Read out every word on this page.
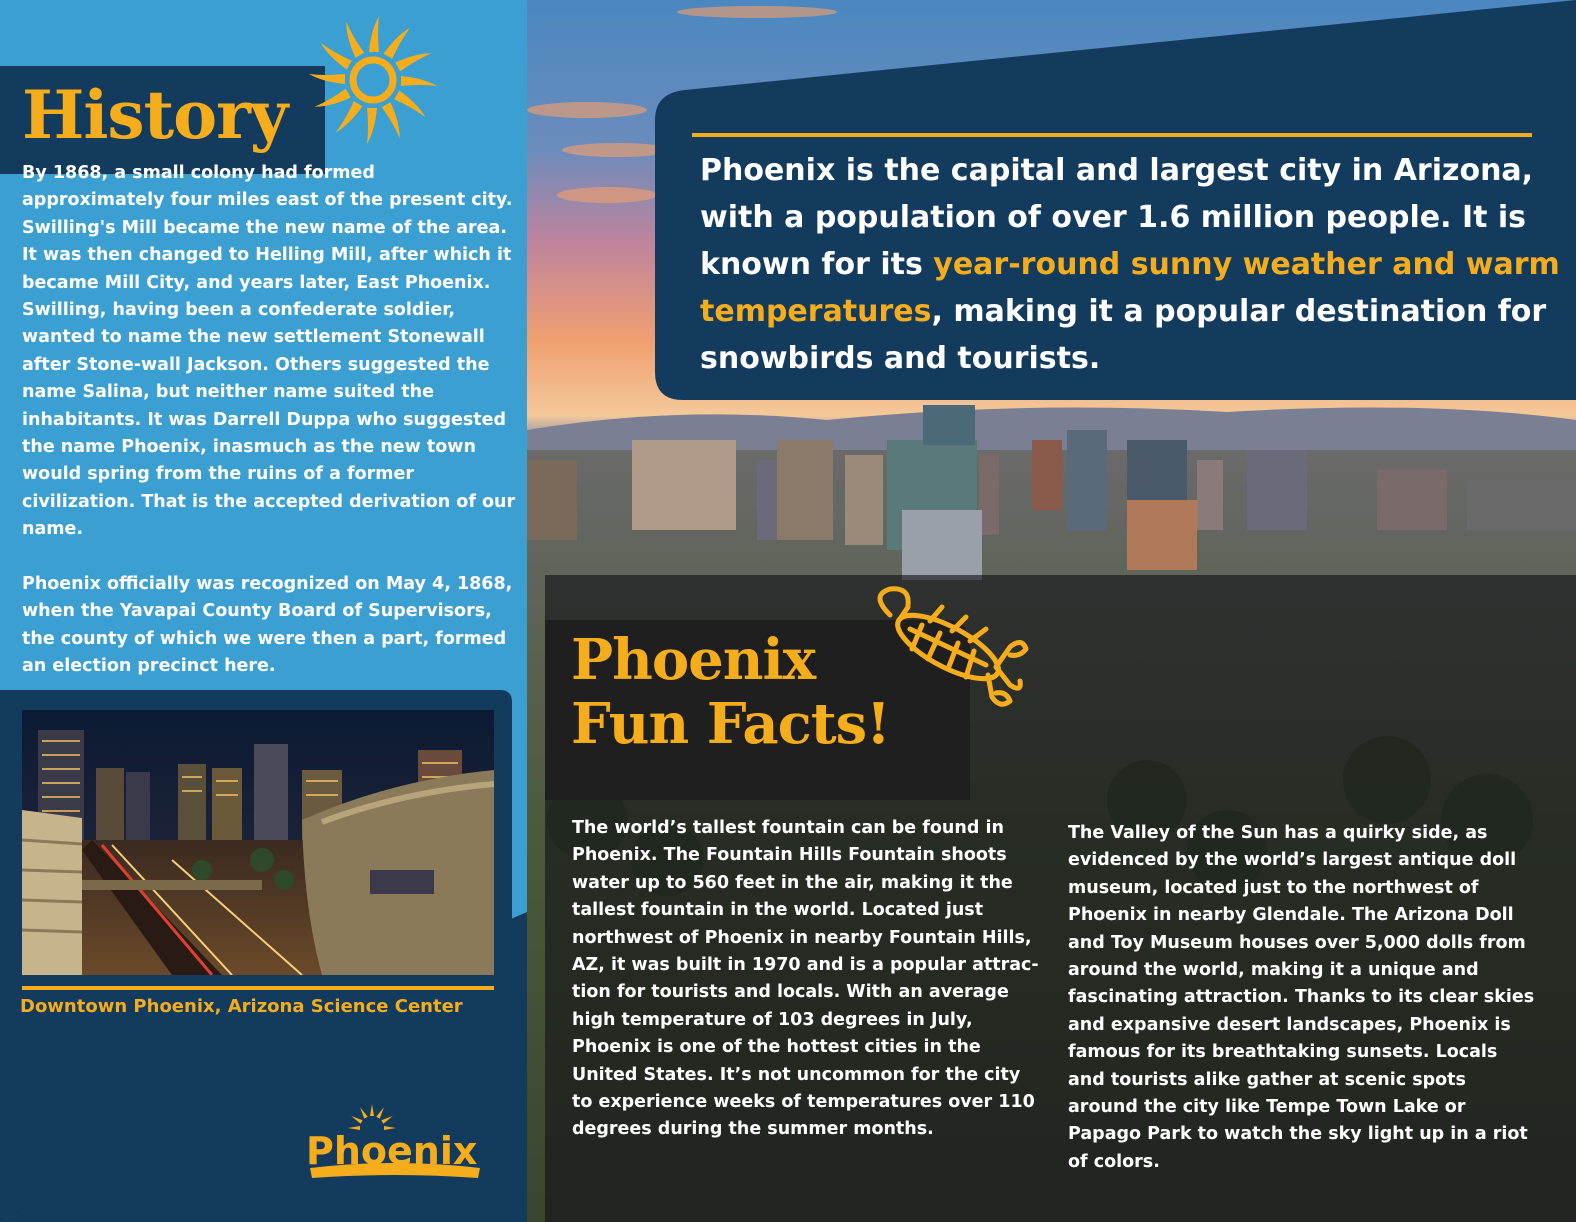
History

By 1868, a small colony had formed approximately four miles east of the present city. Swilling's Mill became the new name of the area. It was then changed to Helling Mill, after which it became Mill City, and years later, East Phoenix. Swilling, having been a confederate soldier, wanted to name the new settlement Stonewall after Stone-wall Jackson. Others suggested the name Salina, but neither name suited the inhabitants. It was Darrell Duppa who suggested the name Phoenix, inasmuch as the new town would spring from the ruins of a former civilization. That is the accepted derivation of our name.

Phoenix officially was recognized on May 4, 1868, when the Yavapai County Board of Supervisors, the county of which we were then a part, formed an election precinct here.

Downtown Phoenix, Arizona Science Center
Phoenix

Phoenix is the capital and largest city in Arizona, with a population of over 1.6 million people. It is known for its year-round sunny weather and warm temperatures, making it a popular destination for snowbirds and tourists.

Phoenix
Fun Facts!

The world’s tallest fountain can be found in Phoenix. The Fountain Hills Fountain shoots water up to 560 feet in the air, making it the tallest fountain in the world. Located just northwest of Phoenix in nearby Fountain Hills, AZ, it was built in 1970 and is a popular attrac-tion for tourists and locals. With an average high temperature of 103 degrees in July, Phoenix is one of the hottest cities in the United States. It’s not uncommon for the city to experience weeks of temperatures over 110 degrees during the summer months.

The Valley of the Sun has a quirky side, as evidenced by the world’s largest antique doll museum, located just to the northwest of Phoenix in nearby Glendale. The Arizona Doll and Toy Museum houses over 5,000 dolls from around the world, making it a unique and fascinating attraction. Thanks to its clear skies and expansive desert landscapes, Phoenix is famous for its breathtaking sunsets. Locals and tourists alike gather at scenic spots around the city like Tempe Town Lake or Papago Park to watch the sky light up in a riot of colors.
